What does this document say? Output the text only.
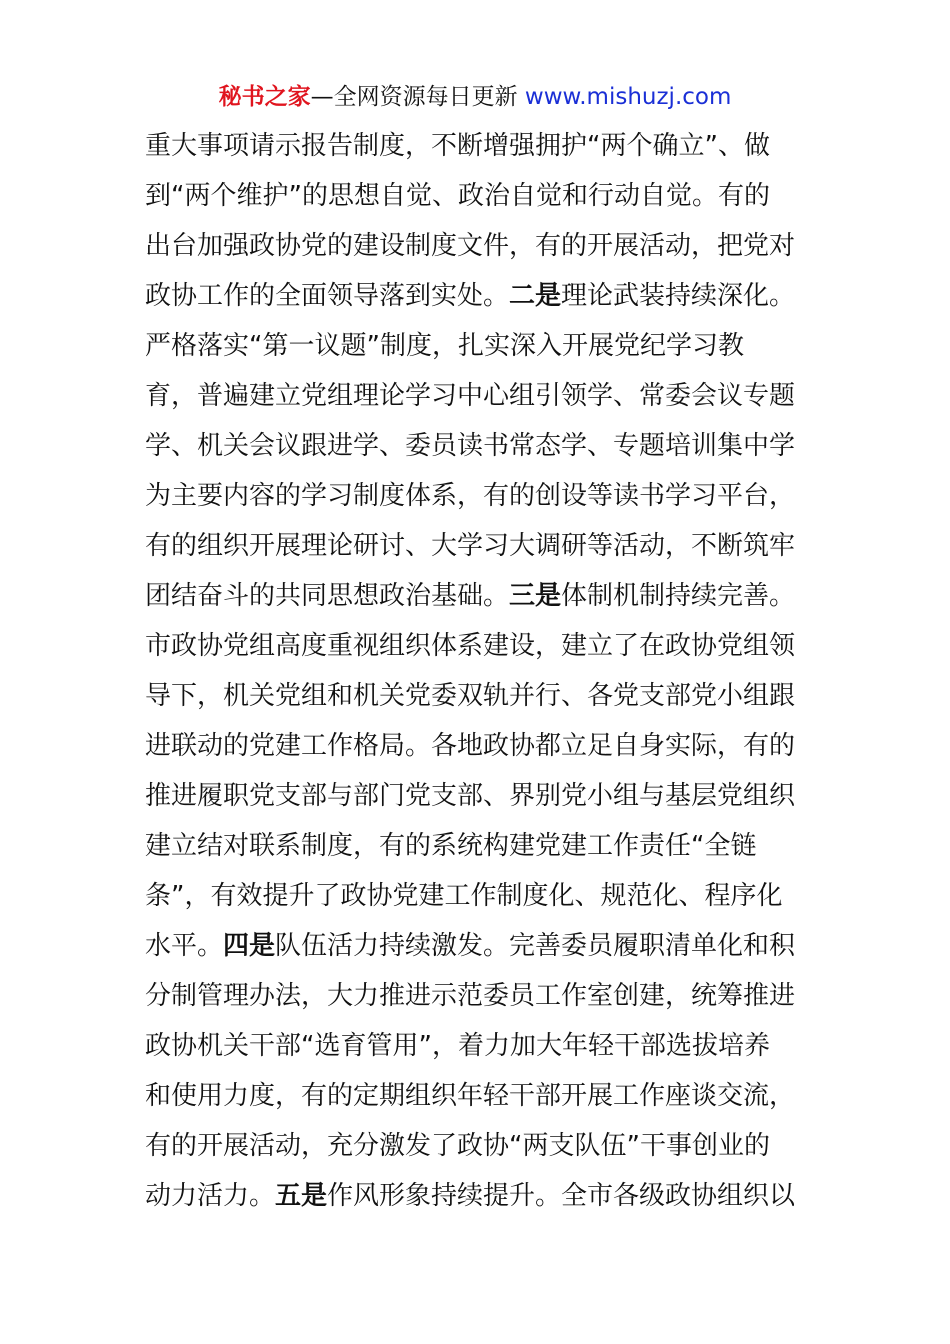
秘书之家—全网资源每日更新 www.mishuzj.com
重大事项请示报告制度，不断增强拥护“两个确立”、做
到“两个维护”的思想自觉、政治自觉和行动自觉。有的
出台加强政协党的建设制度文件，有的开展活动，把党对
政协工作的全面领导落到实处。 二是 理论武装持续深化。
严格落实“第一议题”制度，扎实深入开展党纪学习教
育，普遍建立党组理论学习中心组引领学、常委会议专题
学、机关会议跟进学、委员读书常态学、专题培训集中学
为主要内容的学习制度体系，有的创设等读书学习平台，
有的组织开展理论研讨、大学习大调研等活动，不断筑牢
团结奋斗的共同思想政治基础。 三是 体制机制持续完善。
市政协党组高度重视组织体系建设，建立了在政协党组领
导下，机关党组和机关党委双轨并行、各党支部党小组跟
进联动的党建工作格局。各地政协都立足自身实际，有的
推进履职党支部与部门党支部、界别党小组与基层党组织
建立结对联系制度，有的系统构建党建工作责任“全链
条”，有效提升了政协党建工作制度化、规范化、程序化
水平。 四是 队伍活力持续激发。完善委员履职清单化和积
分制管理办法，大力推进示范委员工作室创建，统筹推进
政协机关干部“选育管用”，着力加大年轻干部选拔培养
和使用力度，有的定期组织年轻干部开展工作座谈交流，
有的开展活动，充分激发了政协“两支队伍”干事创业的
动力活力。 五是 作风形象持续提升。全市各级政协组织以
